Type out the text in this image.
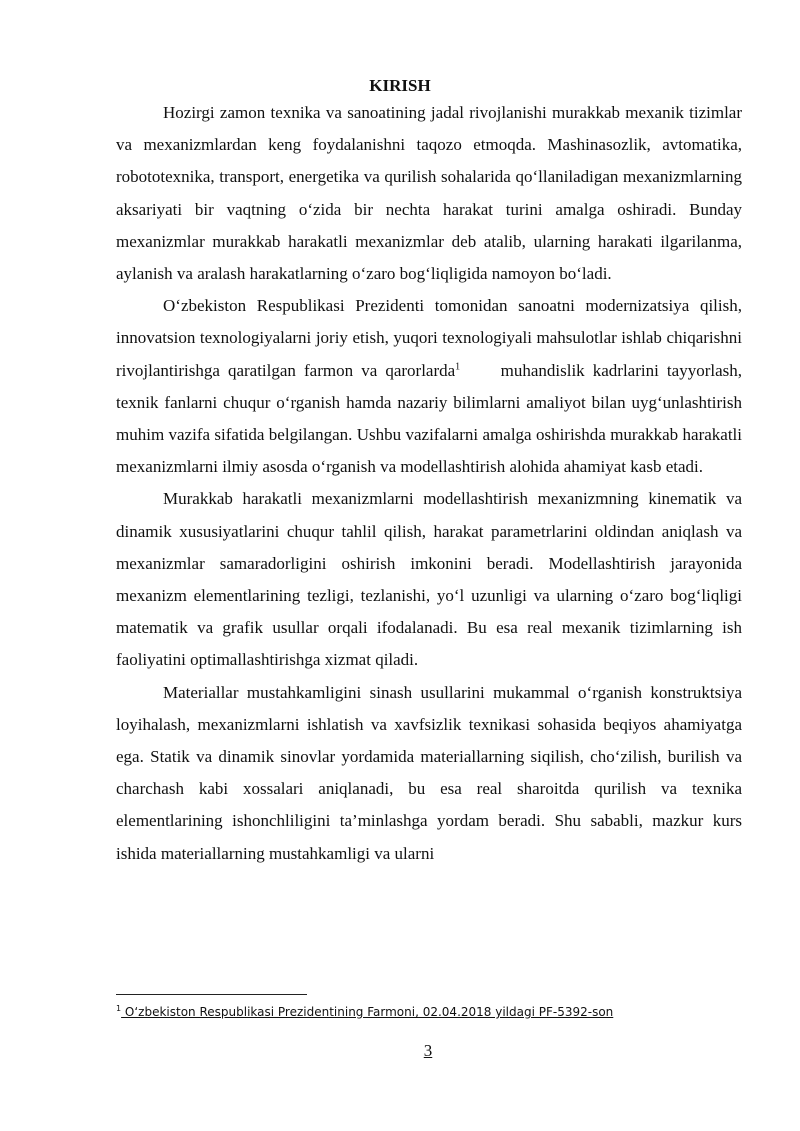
KIRISH

Hozirgi zamon texnika va sanoatining jadal rivojlanishi murakkab mexanik tizimlar va mexanizmlardan keng foydalanishni taqozo etmoqda. Mashinasozlik, avtomatika, robototexnika, transport, energetika va qurilish sohalarida qo‘llaniladigan mexanizmlarning aksariyati bir vaqtning o‘zida bir nechta harakat turini amalga oshiradi. Bunday mexanizmlar murakkab harakatli mexanizmlar deb atalib, ularning harakati ilgarilanma, aylanish va aralash harakatlarning o‘zaro bog‘liqligida namoyon bo‘ladi.

O‘zbekiston Respublikasi Prezidenti tomonidan sanoatni modernizatsiya qilish, innovatsion texnologiyalarni joriy etish, yuqori texnologiyali mahsulotlar ishlab chiqarishni rivojlantirishga qaratilgan farmon va qarorlarda$^1$     muhandislik kadrlarini tayyorlash, texnik fanlarni chuqur o‘rganish hamda nazariy bilimlarni amaliyot bilan uyg‘unlashtirish muhim vazifa sifatida belgilangan. Ushbu vazifalarni amalga oshirishda murakkab harakatli mexanizmlarni ilmiy asosda o‘rganish va modellashtirish alohida ahamiyat kasb etadi.

Murakkab harakatli mexanizmlarni modellashtirish mexanizmning kinematik va dinamik xususiyatlarini chuqur tahlil qilish, harakat parametrlarini oldindan aniqlash va mexanizmlar samaradorligini oshirish imkonini beradi. Modellashtirish jarayonida mexanizm elementlarining tezligi, tezlanishi, yo‘l uzunligi va ularning o‘zaro bog‘liqligi matematik va grafik usullar orqali ifodalanadi. Bu esa real mexanik tizimlarning ish faoliyatini optimallashtirishga xizmat qiladi.

Materiallar mustahkamligini sinash usullarini mukammal o‘rganish konstruktsiya loyihalash, mexanizmlarni ishlatish va xavfsizlik texnikasi sohasida beqiyos ahamiyatga ega. Statik va dinamik sinovlar yordamida materiallarning siqilish, cho‘zilish, burilish va charchash kabi xossalari aniqlanadi, bu esa real sharoitda qurilish va texnika elementlarining ishonchliligini ta’minlashga yordam beradi. Shu sababli, mazkur kurs ishida materiallarning mustahkamligi va ularni

$^1$ O‘zbekiston Respublikasi Prezidentining Farmoni, 02.04.2018 yildagi PF-5392-son
3
